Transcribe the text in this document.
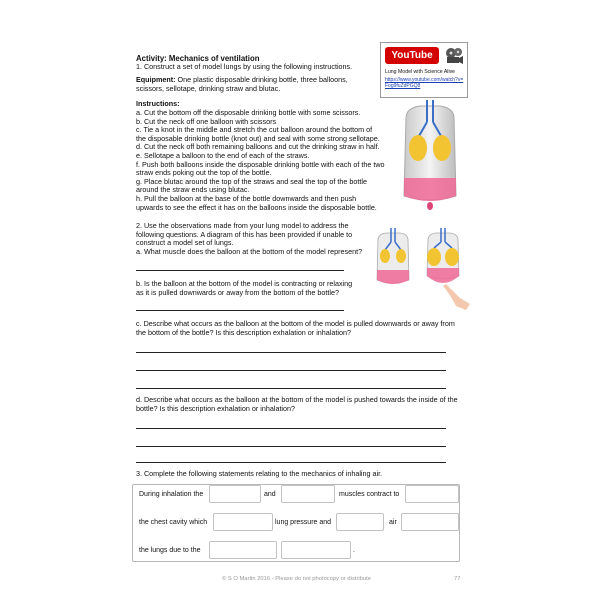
Activity: Mechanics of ventilation
1. Construct a set of model lungs by using the following instructions.
Equipment: One plastic disposable drinking bottle, three balloons,
scissors, sellotape, drinking straw and blutac.
YouTube
Lung Model with Science Alive
https://www.youtube.com/watch?v=Fog9fuZdPGQ8
Instructions:
a. Cut the bottom off the disposable drinking bottle with some scissors.
b. Cut the neck off one balloon with scissors
c. Tie a knot in the middle and stretch the cut balloon around the bottom of
the disposable drinking bottle (knot out) and seal with some strong sellotape.
d. Cut the neck off both remaining balloons and cut the drinking straw in half.
e. Sellotape a balloon to the end of each of the straws.
f. Push both balloons inside the disposable drinking bottle with each of the two
straw ends poking out the top of the bottle.
g. Place blutac around the top of the straws and seal the top of the bottle
around the straw ends using blutac.
h. Pull the balloon at the base of the bottle downwards and then push
upwards to see the effect it has on the balloons inside the disposable bottle.
2. Use the observations made from your lung model to address the
following questions. A diagram of this has been provided if unable to
construct a model set of lungs.
a. What muscle does the balloon at the bottom of the model represent?
b. Is the balloon at the bottom of the model is contracting or relaxing
as it is pulled downwards or away from the bottom of the bottle?
c. Describe what occurs as the balloon at the bottom of the model is pulled downwards or away from
the bottom of the bottle? Is this description exhalation or inhalation?
d. Describe what occurs as the balloon at the bottom of the model is pushed towards the inside of the
bottle? Is this description exhalation or inhalation?
3. Complete the following statements relating to the mechanics of inhaling air.
During inhalation the	and	muscles contract to
the chest cavity which	lung pressure and	air
the lungs due to the	.
© S O Martin 2016 - Please do not photocopy or distribute	77
